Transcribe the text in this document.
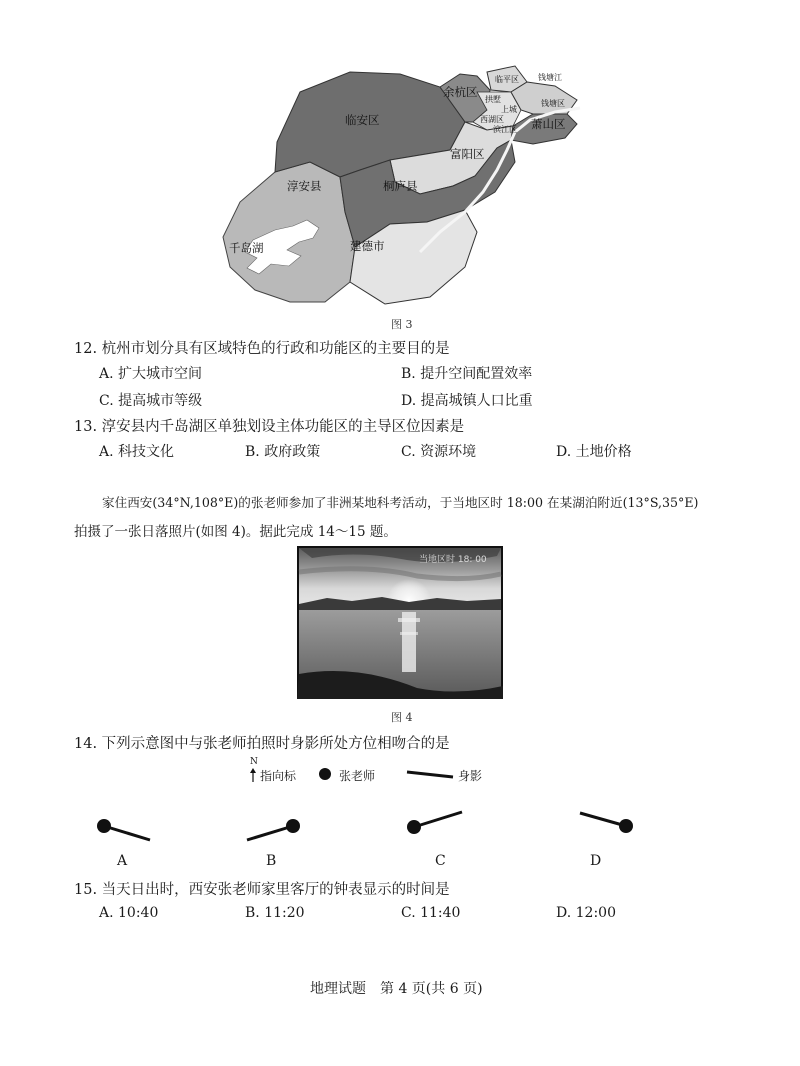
余杭区
临平区 钱塘江
钱塘区
拱墅
西湖区
上城
滨江区
临安区	萧山区
富阳区
淳安县	桐庐县
千岛湖	建德市
图 3
12. 杭州市划分具有区域特色的行政和功能区的主要目的是
A. 扩大城市空间	B. 提升空间配置效率
C. 提高城市等级	D. 提高城镇人口比重
13. 淳安县内千岛湖区单独划设主体功能区的主导区位因素是
A. 科技文化	B. 政府政策	C. 资源环境	D. 土地价格
家住西安(34°N,108°E)的张老师参加了非洲某地科考活动，于当地区时 18:00 在某湖泊附近(13°S,35°E)
拍摄了一张日落照片(如图 4)。据此完成 14～15 题。
当地区时 18: 00
图 4
14. 下列示意图中与张老师拍照时身影所处方位相吻合的是
N
指向标	张老师	身影
A	B	C	D
15. 当天日出时，西安张老师家里客厅的钟表显示的时间是
A. 10:40	B. 11:20	C. 11:40	D. 12:00
地理试题　第 4 页(共 6 页)
